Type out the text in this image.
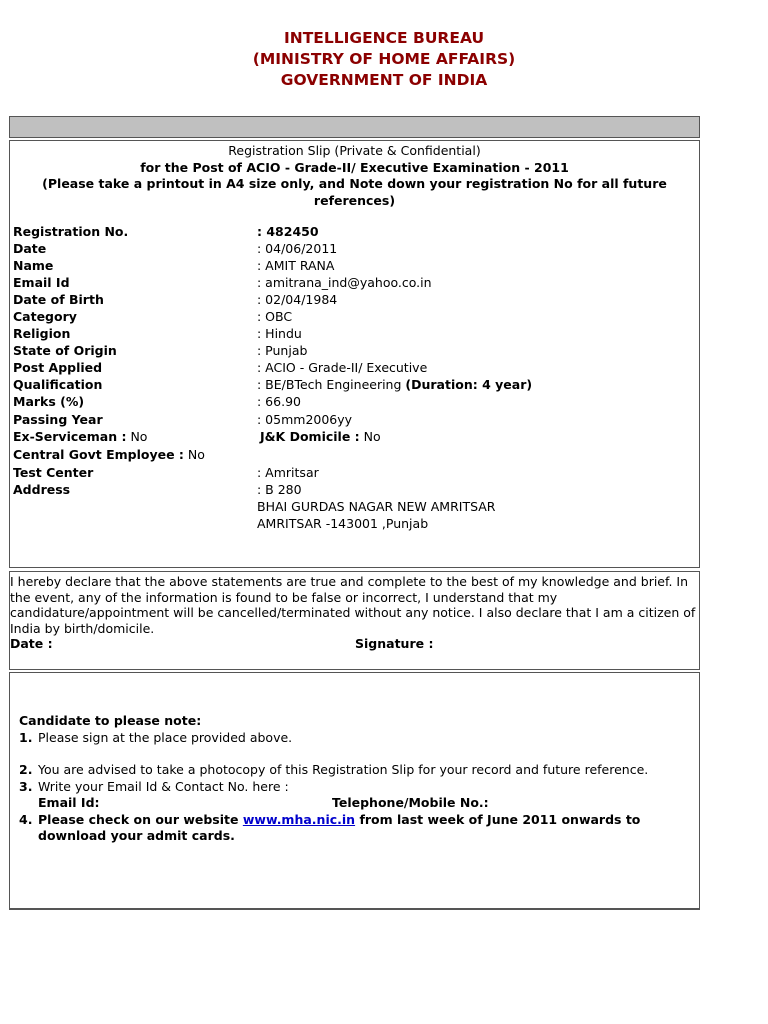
INTELLIGENCE BUREAU
(MINISTRY OF HOME AFFAIRS)
GOVERNMENT OF INDIA
Registration Slip (Private & Confidential)
for the Post of ACIO - Grade-II/ Executive Examination - 2011
(Please take a printout in A4 size only, and Note down your registration No for all future references)
Registration No.	: 482450
Date	: 04/06/2011
Name	: AMIT RANA
Email Id	: amitrana_ind@yahoo.co.in
Date of Birth	: 02/04/1984
Category	: OBC
Religion	: Hindu
State of Origin	: Punjab
Post Applied	: ACIO - Grade-II/ Executive
Qualification	: BE/BTech Engineering (Duration: 4 year)
Marks (%)	: 66.90
Passing Year	: 05mm2006yy
Ex-Serviceman : No	J&K Domicile : No
Central Govt Employee : No
Test Center	: Amritsar
Address	: B 280
BHAI GURDAS NAGAR NEW AMRITSAR
AMRITSAR -143001 ,Punjab
I hereby declare that the above statements are true and complete to the best of my knowledge and brief. In the event, any of the information is found to be false or incorrect, I understand that my candidature/appointment will be cancelled/terminated without any notice. I also declare that I am a citizen of India by birth/domicile.
Date :	Signature :
Candidate to please note:
1. Please sign at the place provided above.
2. You are advised to take a photocopy of this Registration Slip for your record and future reference.
3. Write your Email Id & Contact No. here :
Email Id:	Telephone/Mobile No.:
4. Please check on our website www.mha.nic.in from last week of June 2011 onwards to download your admit cards.
